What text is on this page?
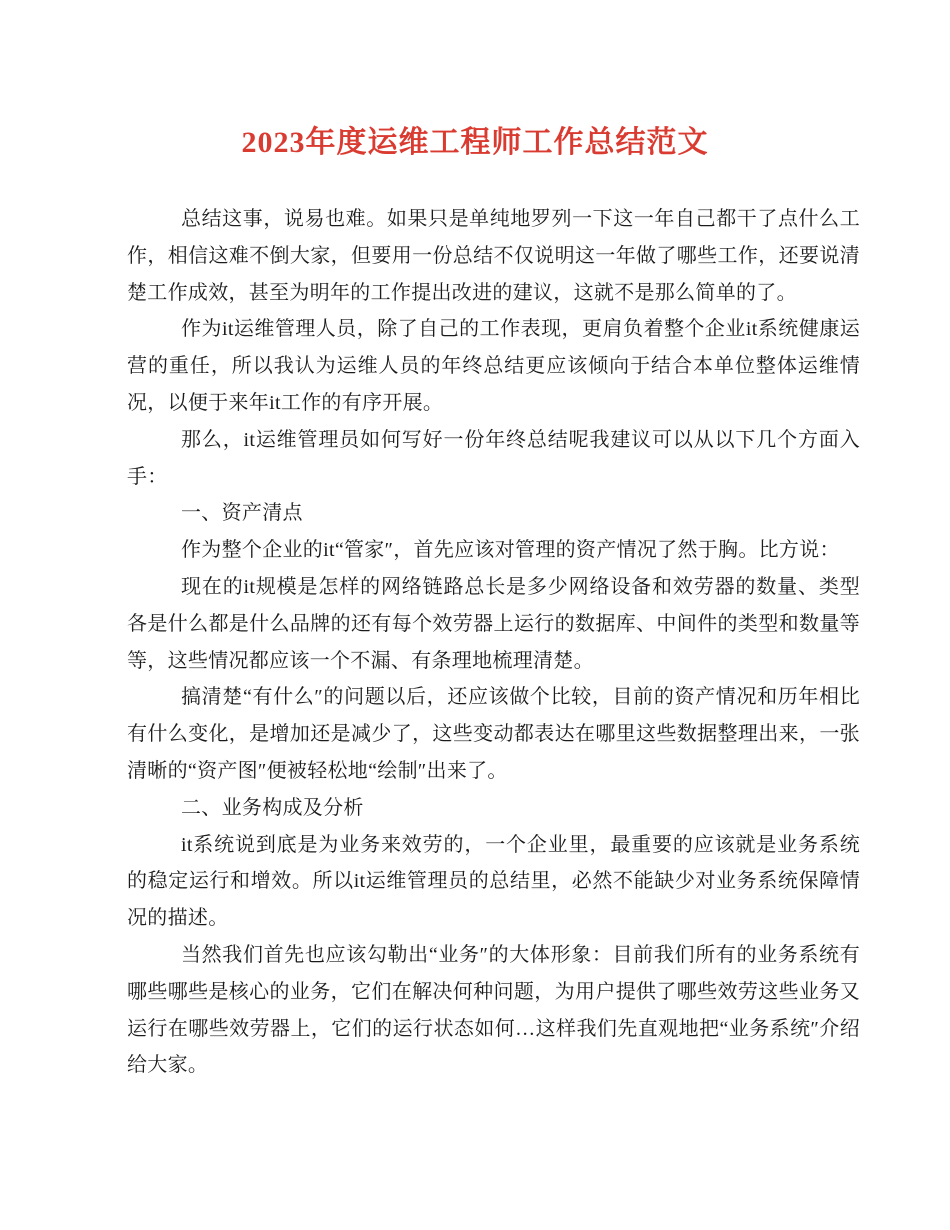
2023年度运维工程师工作总结范文

总结这事，说易也难。如果只是单纯地罗列一下这一年自己都干了点什么工作，相信这难不倒大家，但要用一份总结不仅说明这一年做了哪些工作，还要说清楚工作成效，甚至为明年的工作提出改进的建议，这就不是那么简单的了。

作为it运维管理人员，除了自己的工作表现，更肩负着整个企业it系统健康运营的重任，所以我认为运维人员的年终总结更应该倾向于结合本单位整体运维情况，以便于来年it工作的有序开展。

那么，it运维管理员如何写好一份年终总结呢我建议可以从以下几个方面入手：

一、资产清点

作为整个企业的it“管家″，首先应该对管理的资产情况了然于胸。比方说：

现在的it规模是怎样的网络链路总长是多少网络设备和效劳器的数量、类型各是什么都是什么品牌的还有每个效劳器上运行的数据库、中间件的类型和数量等等，这些情况都应该一个不漏、有条理地梳理清楚。

搞清楚“有什么″的问题以后，还应该做个比较，目前的资产情况和历年相比有什么变化，是增加还是减少了，这些变动都表达在哪里这些数据整理出来，一张清晰的“资产图″便被轻松地“绘制″出来了。

二、业务构成及分析

it系统说到底是为业务来效劳的，一个企业里，最重要的应该就是业务系统的稳定运行和增效。所以it运维管理员的总结里，必然不能缺少对业务系统保障情况的描述。

当然我们首先也应该勾勒出“业务″的大体形象：目前我们所有的业务系统有哪些哪些是核心的业务，它们在解决何种问题，为用户提供了哪些效劳这些业务又运行在哪些效劳器上，它们的运行状态如何…这样我们先直观地把“业务系统″介绍给大家。
